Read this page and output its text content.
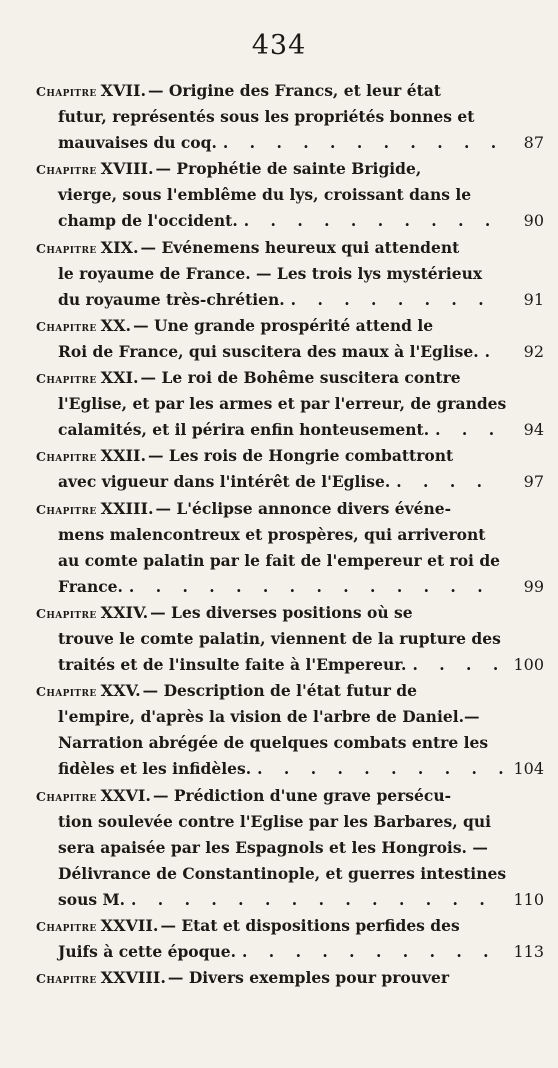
434
Chapitre XVII. — Origine des Francs, et leur état
futur, représentés sous les propriétés bonnes et
mauvaises du coq. . . .	87
Chapitre XVIII. — Prophétie de sainte Brigide,
vierge, sous l'emblême du lys, croissant dans le
champ de l'occident. . . .	90
Chapitre XIX. — Evénemens heureux qui attendent
le royaume de France. — Les trois lys mystérieux
du royaume très-chrétien. . . .	91
Chapitre XX. — Une grande prospérité attend le
Roi de France, qui suscitera des maux à l'Eglise. . . .	92
Chapitre XXI. — Le roi de Bohême suscitera contre
l'Eglise, et par les armes et par l'erreur, de grandes
calamités, et il périra enfin honteusement. . . .	94
Chapitre XXII. — Les rois de Hongrie combattront
avec vigueur dans l'intérêt de l'Eglise. . . .	97
Chapitre XXIII. — L'éclipse annonce divers événe-
mens malencontreux et prospères, qui arriveront
au comte palatin par le fait de l'empereur et roi de
France. . . .	99
Chapitre XXIV. — Les diverses positions où se
trouve le comte palatin, viennent de la rupture des
traités et de l'insulte faite à l'Empereur. . . .	100
Chapitre XXV. — Description de l'état futur de
l'empire, d'après la vision de l'arbre de Daniel.—
Narration abrégée de quelques combats entre les
fidèles et les infidèles. . . .	104
Chapitre XXVI. — Prédiction d'une grave persécu-
tion soulevée contre l'Eglise par les Barbares, qui
sera apaisée par les Espagnols et les Hongrois. —
Délivrance de Constantinople, et guerres intestines
sous M. . . .	110
Chapitre XXVII. — Etat et dispositions perfides des
Juifs à cette époque. . . .	113
Chapitre XXVIII. — Divers exemples pour prouver
